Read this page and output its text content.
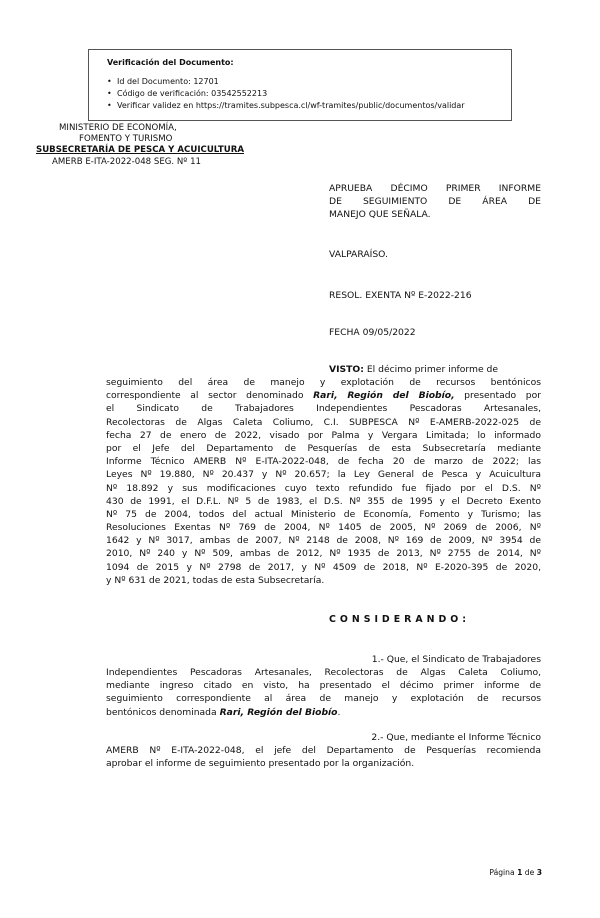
Verificación del Documento:
• Id del Documento: 12701
• Código de verificación: 03542552213
• Verificar validez en https://tramites.subpesca.cl/wf-tramites/public/documentos/validar
MINISTERIO DE ECONOMÍA,
FOMENTO Y TURISMO
SUBSECRETARÍA DE PESCA Y ACUICULTURA
AMERB E-ITA-2022-048 SEG. Nº 11
APRUEBA DÉCIMO PRIMER INFORME
DE SEGUIMIENTO DE ÁREA DE
MANEJO QUE SEÑALA.
VALPARAÍSO.
RESOL. EXENTA Nº E-2022-216
FECHA 09/05/2022
VISTO: El décimo primer informe de
seguimiento del área de manejo y explotación de recursos bentónicos
correspondiente al sector denominado Rari, Región del Biobío, presentado por
el Sindicato de Trabajadores Independientes Pescadoras Artesanales,
Recolectoras de Algas Caleta Coliumo, C.I. SUBPESCA Nº E-AMERB-2022-025 de
fecha 27 de enero de 2022, visado por Palma y Vergara Limitada; lo informado
por el Jefe del Departamento de Pesquerías de esta Subsecretaría mediante
Informe Técnico AMERB Nº E-ITA-2022-048, de fecha 20 de marzo de 2022; las
Leyes Nº 19.880, Nº 20.437 y Nº 20.657; la Ley General de Pesca y Acuicultura
Nº 18.892 y sus modificaciones cuyo texto refundido fue fijado por el D.S. Nº
430 de 1991, el D.F.L. Nº 5 de 1983, el D.S. Nº 355 de 1995 y el Decreto Exento
Nº 75 de 2004, todos del actual Ministerio de Economía, Fomento y Turismo; las
Resoluciones Exentas Nº 769 de 2004, Nº 1405 de 2005, Nº 2069 de 2006, Nº
1642 y Nº 3017, ambas de 2007, Nº 2148 de 2008, Nº 169 de 2009, Nº 3954 de
2010, Nº 240 y Nº 509, ambas de 2012, Nº 1935 de 2013, Nº 2755 de 2014, Nº
1094 de 2015 y Nº 2798 de 2017, y Nº 4509 de 2018, Nº E-2020-395 de 2020,
y Nº 631 de 2021, todas de esta Subsecretaría.
CONSIDERANDO:
1.- Que, el Sindicato de Trabajadores
Independientes Pescadoras Artesanales, Recolectoras de Algas Caleta Coliumo,
mediante ingreso citado en visto, ha presentado el décimo primer informe de
seguimiento correspondiente al área de manejo y explotación de recursos
bentónicos denominada Rari, Región del Biobío.
2.- Que, mediante el Informe Técnico
AMERB Nº E-ITA-2022-048, el jefe del Departamento de Pesquerías recomienda
aprobar el informe de seguimiento presentado por la organización.
Página 1 de 3
